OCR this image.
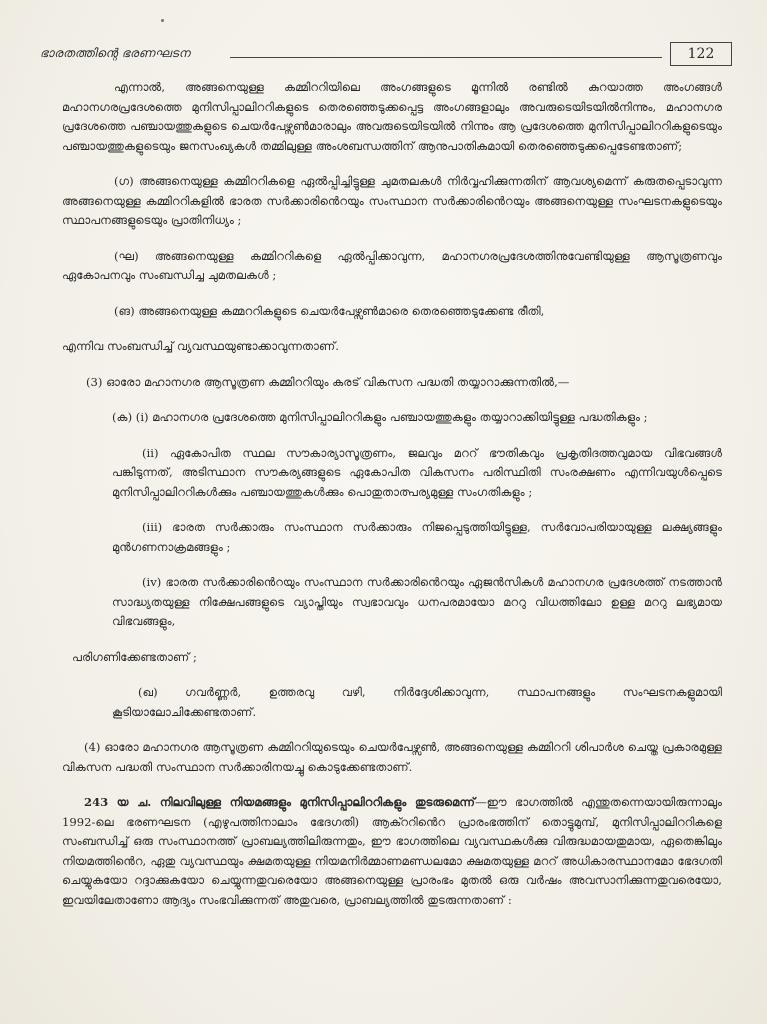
ഭാരതത്തിന്റെ ഭരണഘടന	122

എന്നാൽ, അങ്ങനെയുള്ള കമ്മിററിയിലെ അംഗങ്ങളുടെ മൂന്നിൽ രണ്ടിൽ കുറയാത്ത അംഗങ്ങൾ മഹാനഗരപ്രദേശത്തെ മുനിസിപ്പാലിററികളുടെ തെരഞ്ഞെടുക്കപ്പെട്ട അംഗങ്ങളാലും അവരുടെയിടയിൽനിന്നും, മഹാനഗര പ്രദേശത്തെ പഞ്ചായത്തുകളുടെ ചെയർപേഴ്സൺമാരാലും അവരുടെയിടയിൽ നിന്നും ആ പ്രദേശത്തെ മുനിസിപ്പാലിററികളുടെയും പഞ്ചായത്തുകളുടെയും ജനസംഖ്യകൾ തമ്മിലുള്ള അംശബന്ധത്തിന് ആനുപാതികമായി തെരഞ്ഞെടുക്കപ്പെടേണ്ടതാണ്;

(ഗ) അങ്ങനെയുള്ള കമ്മിററികളെ ഏൽപ്പിച്ചിട്ടുള്ള ചുമതലകൾ നിർവ്വഹിക്കുന്നതിന് ആവശ്യമെന്ന് കരുതപ്പെടാവുന്ന അങ്ങനെയുള്ള കമ്മിററികളിൽ ഭാരത സർക്കാരിൻെറയും സംസ്ഥാന സർക്കാരിൻെറയും അങ്ങനെയുള്ള സംഘടനകളുടെയും സ്ഥാപനങ്ങളുടെയും പ്രാതിനിധ്യം ;

(ഘ) അങ്ങനെയുള്ള കമ്മിററികളെ ഏൽപ്പിക്കാവുന്ന, മഹാനഗരപ്രദേശത്തിനുവേണ്ടിയുള്ള ആസൂത്രണവും ഏകോപനവും സംബന്ധിച്ച ചുമതലകൾ ;

(ങ) അങ്ങനെയുള്ള കമ്മററികളുടെ ചെയർപേഴ്സൺമാരെ തെരഞ്ഞെടുക്കേണ്ട രീതി,

എന്നിവ സംബന്ധിച്ച് വ്യവസ്ഥയുണ്ടാക്കാവുന്നതാണ്.

(3) ഓരോ മഹാനഗര ആസൂത്രണ കമ്മിററിയും കരട് വികസന പദ്ധതി തയ്യാറാക്കുന്നതിൽ,—

(ക) (i) മഹാനഗര പ്രദേശത്തെ മുനിസിപ്പാലിററികളും പഞ്ചായത്തുകളും തയ്യാറാക്കിയിട്ടുള്ള പദ്ധതികളും ;

(ii) ഏകോപിത സ്ഥല സൗകാര്യാസൂത്രണം, ജലവും മററ് ഭൗതികവും പ്രകൃതിദത്തവുമായ വിഭവങ്ങൾ പങ്കിടുന്നത്, അടിസ്ഥാന സൗകര്യങ്ങളുടെ ഏകോപിത വികസനം പരിസ്ഥിതി സംരക്ഷണം എന്നിവയുൾപ്പെടെ മുനിസിപ്പാലിററികൾക്കും പഞ്ചായത്തുകൾക്കും പൊതുതാത്പര്യമുള്ള സംഗതികളും ;

(iii) ഭാരത സർക്കാരും സംസ്ഥാന സർക്കാരും നിജപ്പെടുത്തിയിട്ടുള്ള, സർവോപരിയായുള്ള ലക്ഷ്യങ്ങളും മുൻഗണനാക്രമങ്ങളും ;

(iv) ഭാരത സർക്കാരിൻെറയും സംസ്ഥാന സർക്കാരിൻെറയും ഏജൻസികൾ മഹാനഗര പ്രദേശത്ത് നടത്താൻ സാദ്ധ്യതയുള്ള നിക്ഷേപങ്ങളുടെ വ്യാപ്തിയും സ്വഭാവവും ധനപരമായോ മററു വിധത്തിലോ ഉള്ള മററു ലഭ്യമായ വിഭവങ്ങളും,

പരിഗണിക്കേണ്ടതാണ് ;

(ഖ) ഗവർണ്ണർ, ഉത്തരവു വഴി, നിർദ്ദേശിക്കാവുന്ന, സ്ഥാപനങ്ങളും സംഘടനകളുമായി കൂടിയാലോചിക്കേണ്ടതാണ്.

(4) ഓരോ മഹാനഗര ആസൂത്രണ കമ്മിററിയുടെയും ചെയർപേഴ്സൺ, അങ്ങനെയുള്ള കമ്മിററി ശിപാർശ ചെയ്ത പ്രകാരമുള്ള വികസന പദ്ധതി സംസ്ഥാന സർക്കാരിനയച്ചു കൊടുക്കേണ്ടതാണ്.

243 യ ച. നിലവിലുള്ള നിയമങ്ങളും മുനിസിപ്പാലിററികളും തുടരുമെന്ന്—ഈ ഭാഗത്തിൽ എന്തുതന്നെയായിരുന്നാലും 1992-ലെ ഭരണഘടന (എഴുപത്തിനാലാം ഭേദഗതി) ആക്ററിൻെറ പ്രാരംഭത്തിന് തൊട്ടുമുമ്പ്, മുനിസിപ്പാലിററികളെ സംബന്ധിച്ച് ഒരു സംസ്ഥാനത്ത് പ്രാബല്യത്തിലിരുന്നതും, ഈ ഭാഗത്തിലെ വ്യവസ്ഥകൾക്കു വിരുദ്ധമായതുമായ, ഏതെങ്കിലും നിയമത്തിൻെറ, ഏതു വ്യവസ്ഥയും ക്ഷമതയുള്ള നിയമനിർമ്മാണമണ്ഡലമോ ക്ഷമതയുള്ള മററ് അധികാരസ്ഥാനമോ ഭേദഗതി ചെയ്യുകയോ റദ്ദാക്കുകയോ ചെയ്യുന്നതുവരെയോ അങ്ങനെയുള്ള പ്രാരംഭം മുതൽ ഒരു വർഷം അവസാനിക്കുന്നതുവരെയോ, ഇവയിലേതാണോ ആദ്യം സംഭവിക്കുന്നത് അതുവരെ, പ്രാബല്യത്തിൽ തുടരുന്നതാണ് :
